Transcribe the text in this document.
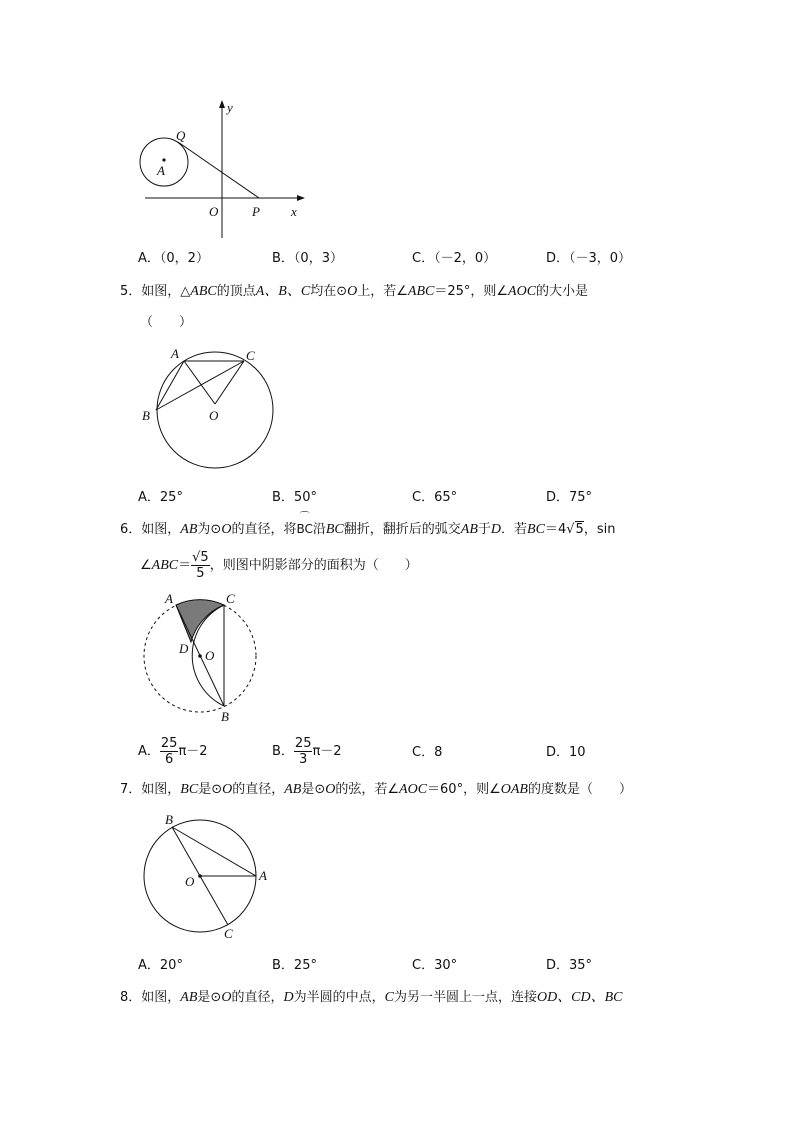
y
x
O	P
Q
A
A．（0，2）	B．（0，3）	C．（－2，0）	D．（－3，0）
5．如图，△ABC的顶点A、B、C均在⊙O上，若∠ABC＝25°，则∠AOC的大小是
（　　）
A	C
B	O
A．25°	B．50°	C．65°	D．75°
6．如图，AB为⊙O的直径，将
⌒
BC沿BC翻折，翻折后的弧交AB于D．若BC＝4√5，sin
∠ABC＝ $\frac{√5}{5}$ ，则图中阴影部分的面积为（　　）
A	C
D O
B
A． $\frac{25}{6} \pi-2$	B． $\frac{25}{3} \pi-2$	C．8	D．10
7．如图，BC是⊙O的直径，AB是⊙O的弦，若∠AOC＝60°，则∠OAB的度数是（　　）
B
O	A
C
A．20°	B．25°	C．30°	D．35°
8．如图，AB是⊙O的直径，D为半圆的中点，C为另一半圆上一点，连接OD、CD、BC
